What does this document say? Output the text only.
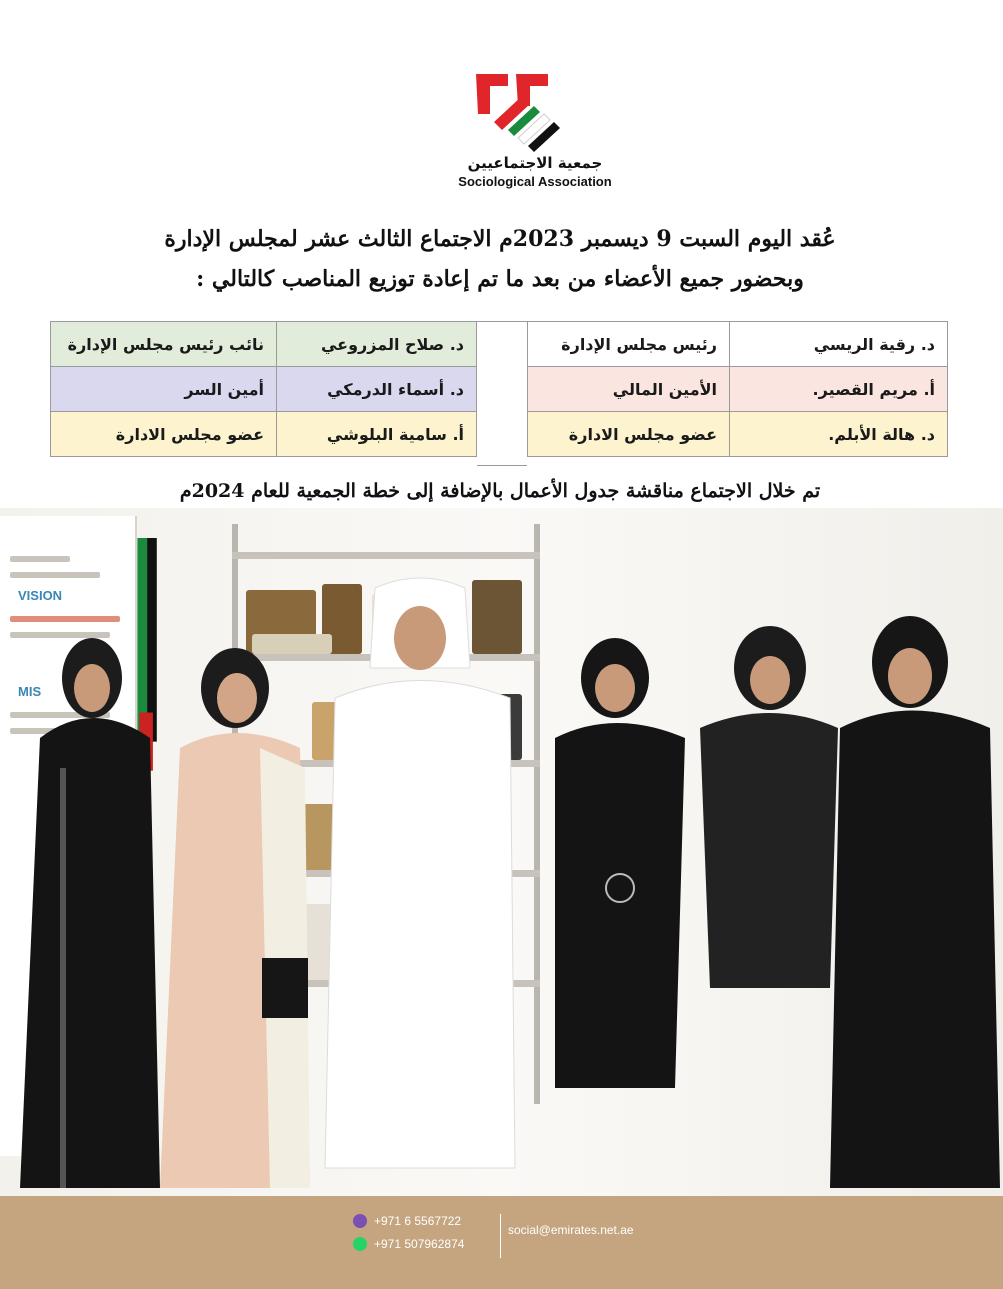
جمعية الاجتماعيين
Sociological Association
عُقد اليوم السبت 9 ديسمبر 2023م الاجتماع الثالث عشر لمجلس الإدارة
وبحضور جميع الأعضاء من بعد ما تم إعادة توزيع المناصب كالتالي :
د. رقية الريسي	رئيس مجلس الإدارة
أ. مريم القصير.	الأمين المالي
د. هالة الأبلم.	عضو مجلس الادارة
د. صلاح المزروعي	نائب رئيس مجلس الإدارة
د. أسماء الدرمكي	أمين السر
أ. سامية البلوشي	عضو مجلس الادارة
تم خلال الاجتماع مناقشة جدول الأعمال بالإضافة إلى خطة الجمعية للعام 2024م
VISION
MIS
+971 6 5567722
+971 507962874
social@emirates.net.ae
